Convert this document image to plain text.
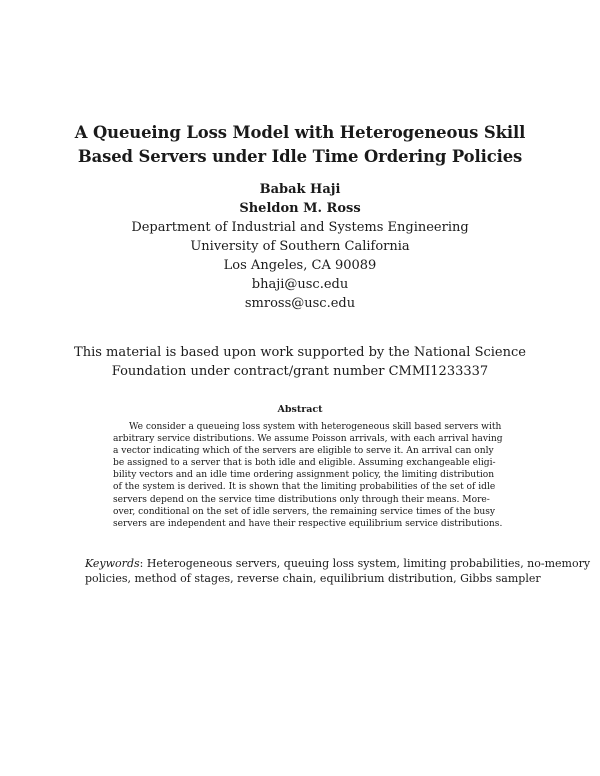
A Queueing Loss Model with Heterogeneous Skill
Based Servers under Idle Time Ordering Policies
Babak Haji
Sheldon M. Ross
Department of Industrial and Systems Engineering
University of Southern California
Los Angeles, CA 90089
bhaji@usc.edu
smross@usc.edu
This material is based upon work supported by the National Science
Foundation under contract/grant number CMMI1233337
Abstract
We consider a queueing loss system with heterogeneous skill based servers with
arbitrary service distributions. We assume Poisson arrivals, with each arrival having
a vector indicating which of the servers are eligible to serve it. An arrival can only
be assigned to a server that is both idle and eligible. Assuming exchangeable eligi-
bility vectors and an idle time ordering assignment policy, the limiting distribution
of the system is derived. It is shown that the limiting probabilities of the set of idle
servers depend on the service time distributions only through their means. More-
over, conditional on the set of idle servers, the remaining service times of the busy
servers are independent and have their respective equilibrium service distributions.
Keywords: Heterogeneous servers, queuing loss system, limiting probabilities, no-memory
policies, method of stages, reverse chain, equilibrium distribution, Gibbs sampler
